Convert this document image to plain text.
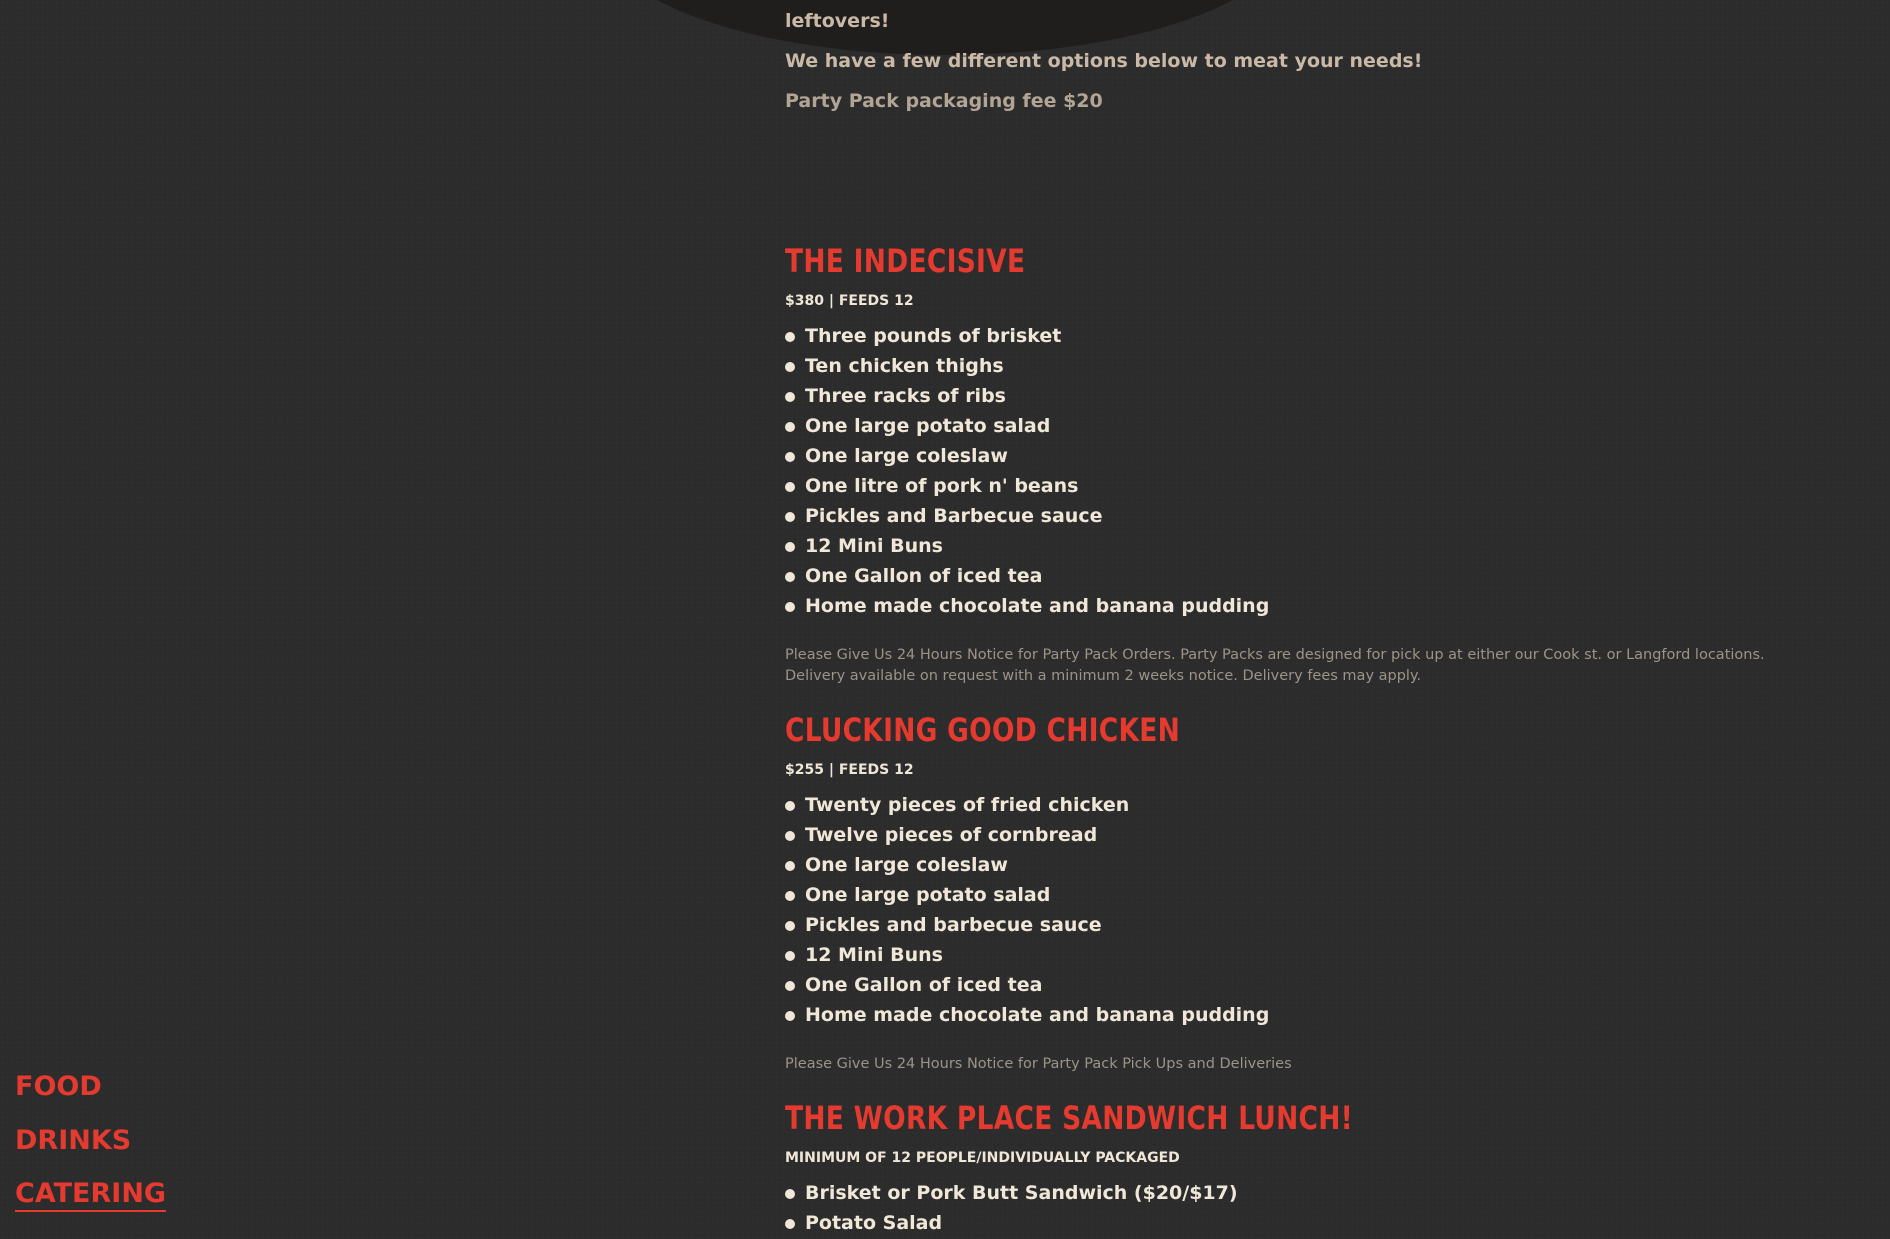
leftovers!

We have a few different options below to meat your needs!

Party Pack packaging fee $20

THE INDECISIVE
$380 | FEEDS 12
Three pounds of brisket
Ten chicken thighs
Three racks of ribs
One large potato salad
One large coleslaw
One litre of pork n' beans
Pickles and Barbecue sauce
12 Mini Buns
One Gallon of iced tea
Home made chocolate and banana pudding

Please Give Us 24 Hours Notice for Party Pack Orders. Party Packs are designed for pick up at either our Cook st. or Langford locations. Delivery available on request with a minimum 2 weeks notice. Delivery fees may apply.

CLUCKING GOOD CHICKEN
$255 | FEEDS 12
Twenty pieces of fried chicken
Twelve pieces of cornbread
One large coleslaw
One large potato salad
Pickles and barbecue sauce
12 Mini Buns
One Gallon of iced tea
Home made chocolate and banana pudding

Please Give Us 24 Hours Notice for Party Pack Pick Ups and Deliveries

THE WORK PLACE SANDWICH LUNCH!
MINIMUM OF 12 PEOPLE/INDIVIDUALLY PACKAGED
Brisket or Pork Butt Sandwich ($20/$17)
Potato Salad
FOOD
DRINKS
CATERING
